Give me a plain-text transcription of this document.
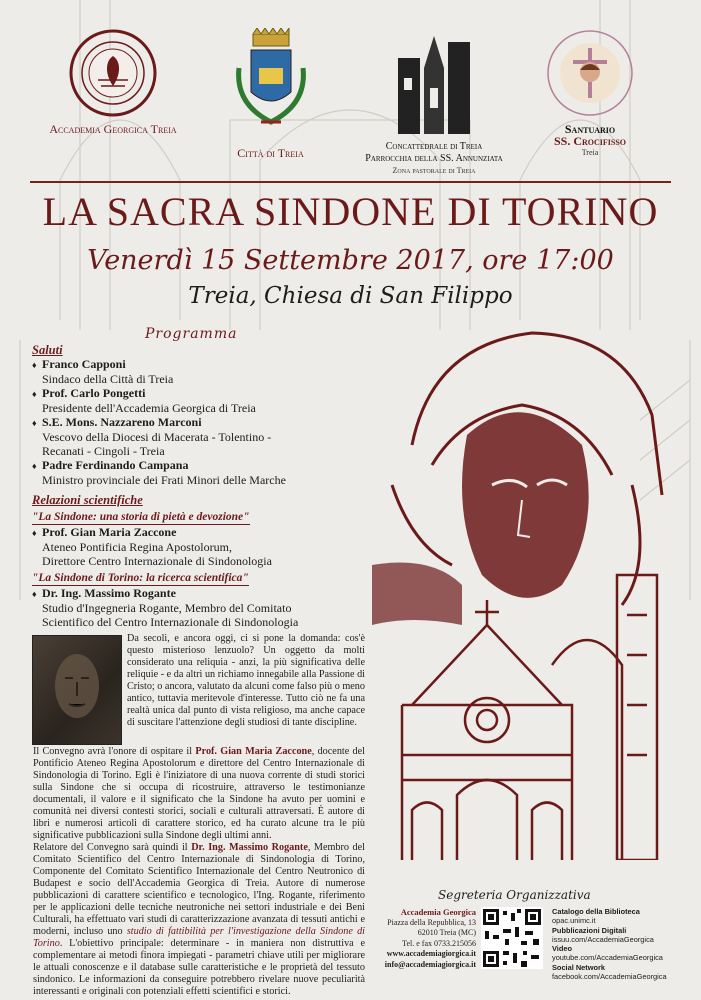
Accademia Georgica Treia
Città di Treia	Concattedrale di Treia
Parrocchia della SS. Annunziata
Zona pastorale di Treia
Santuario
SS. Crocifisso
Treia
LA SACRA SINDONE DI TORINO
Venerdì 15 Settembre 2017, ore 17:00
Treia, Chiesa di San Filippo
Programma
Saluti
♦ Franco Capponi
Sindaco della Città di Treia
♦ Prof. Carlo Pongetti
Presidente dell'Accademia Georgica di Treia
♦ S.E. Mons. Nazzareno Marconi
Vescovo della Diocesi di Macerata - Tolentino -
Recanati - Cingoli - Treia
♦ Padre Ferdinando Campana
Ministro provinciale dei Frati Minori delle Marche
Relazioni scientifiche
"La Sindone: una storia di pietà e devozione"
♦ Prof. Gian Maria Zaccone
Ateneo Pontificia Regina Apostolorum,
Direttore Centro Internazionale di Sindonologia
"La Sindone di Torino: la ricerca scientifica"
♦ Dr. Ing. Massimo Rogante
Studio d'Ingegneria Rogante, Membro del Comitato
Scientifico del Centro Internazionale di Sindonologia
Da secoli, e ancora oggi, ci si pone la domanda: cos'è questo misterioso lenzuolo? Un oggetto da molti considerato una reliquia - anzi, la più significativa delle reliquie - e da altri un richiamo innegabile alla Passione di Cristo; o ancora, valutato da alcuni come falso più o meno antico, tuttavia meritevole d'interesse. Tutto ciò ne fa una realtà unica dal punto di vista religioso, ma anche capace di suscitare l'attenzione degli studiosi di tante discipline.
Il Convegno avrà l'onore di ospitare il Prof. Gian Maria Zaccone, docente del Pontificio Ateneo Regina Apostolorum e direttore del Centro Internazionale di Sindonologia di Torino. Egli è l'iniziatore di una nuova corrente di studi storici sulla Sindone che si occupa di ricostruire, attraverso le testimonianze documentali, il valore e il significato che la Sindone ha avuto per uomini e comunità nei diversi contesti storici, sociali e culturali attraversati. È autore di libri e numerosi articoli di carattere storico, ed ha curato alcune tra le più significative pubblicazioni sulla Sindone degli ultimi anni.
Relatore del Convegno sarà quindi il Dr. Ing. Massimo Rogante, Membro del Comitato Scientifico del Centro Internazionale di Sindonologia di Torino, Componente del Comitato Scientifico Internazionale del Centro Neutronico di Budapest e socio dell'Accademia Georgica di Treia. Autore di numerose pubblicazioni di carattere scientifico e tecnologico, l'Ing. Rogante, riferimento per le applicazioni delle tecniche neutroniche nei settori industriale e dei Beni Culturali, ha effettuato vari studi di caratterizzazione avanzata di tessuti antichi e moderni, incluso uno studio di fattibilità per l'investigazione della Sindone di Torino. L'obiettivo principale: determinare - in maniera non distruttiva e complementare ai metodi finora impiegati - parametri chiave utili per migliorare le attuali conoscenze e il database sulle caratteristiche e le proprietà del tessuto sindonico. Le informazioni da conseguire potrebbero rivelare nuove peculiarità interessanti e originali con potenziali effetti scientifici e storici.
Segreteria Organizzativa
Accademia Georgica
Piazza della Repubblica, 13
62010 Treia (MC)
Tel. e fax 0733.215056
www.accademiagiorgica.it
info@accademiagiorgica.it
Catalogo della Biblioteca
opac.unimc.it
Pubblicazioni Digitali
issuu.com/AccademiaGeorgica
Video
youtube.com/AccademiaGeorgica
Social Network
facebook.com/AccademiaGeorgica
